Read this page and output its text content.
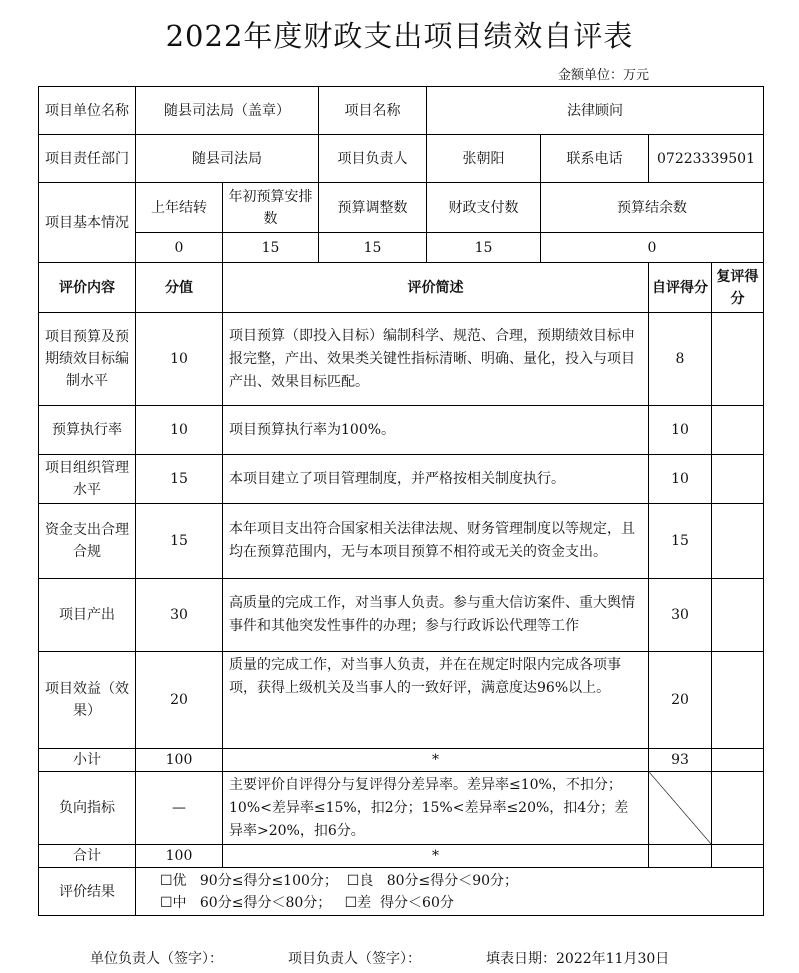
2022年度财政支出项目绩效自评表
金额单位：万元
项目单位名称	随县司法局（盖章）		项目名称	法律顾问			
项目责任部门	随县司法局		项目负责人	张朝阳	联系电话	07223339501	
项目基本情况	上年结转	年初预算安排数	预算调整数	财政支付数	预算结余数		
	0	15	15	15	0		
评价内容	分值	评价简述				自评得分	复评得分
项目预算及预期绩效目标编制水平	10	项目预算（即投入目标）编制科学、规范、合理，预期绩效目标申报完整，产出、效果类关键性指标清晰、明确、量化，投入与项目产出、效果目标匹配。				8	
预算执行率	10	项目预算执行率为100%。				10	
项目组织管理水平	15	本项目建立了项目管理制度，并严格按相关制度执行。				10	
资金支出合理合规	15	本年项目支出符合国家相关法律法规、财务管理制度以等规定，且均在预算范围内，无与本项目预算不相符或无关的资金支出。				15	
项目产出	30	高质量的完成工作，对当事人负责。参与重大信访案件、重大舆情事件和其他突发性事件的办理；参与行政诉讼代理等工作				30	
项目效益（效果）	20	质量的完成工作，对当事人负责，并在在规定时限内完成各项事项，获得上级机关及当事人的一致好评，满意度达96%以上。				20	
小计	100	*				93	
负向指标	—	主要评价自评得分与复评得分差异率。差异率≤10%，不扣分；10%<差异率≤15%，扣2分；15%<差异率≤20%，扣4分；差异率>20%，扣6分。					
合计	100	*					
评价结果	☐优   90分≤得分≤100分；  ☐良   80分≤得分＜90分；
☐中   60分≤得分＜80分；   ☐差  得分＜60分						
单位负责人（签字）：	项目负责人（签字）：	填表日期：2022年11月30日
